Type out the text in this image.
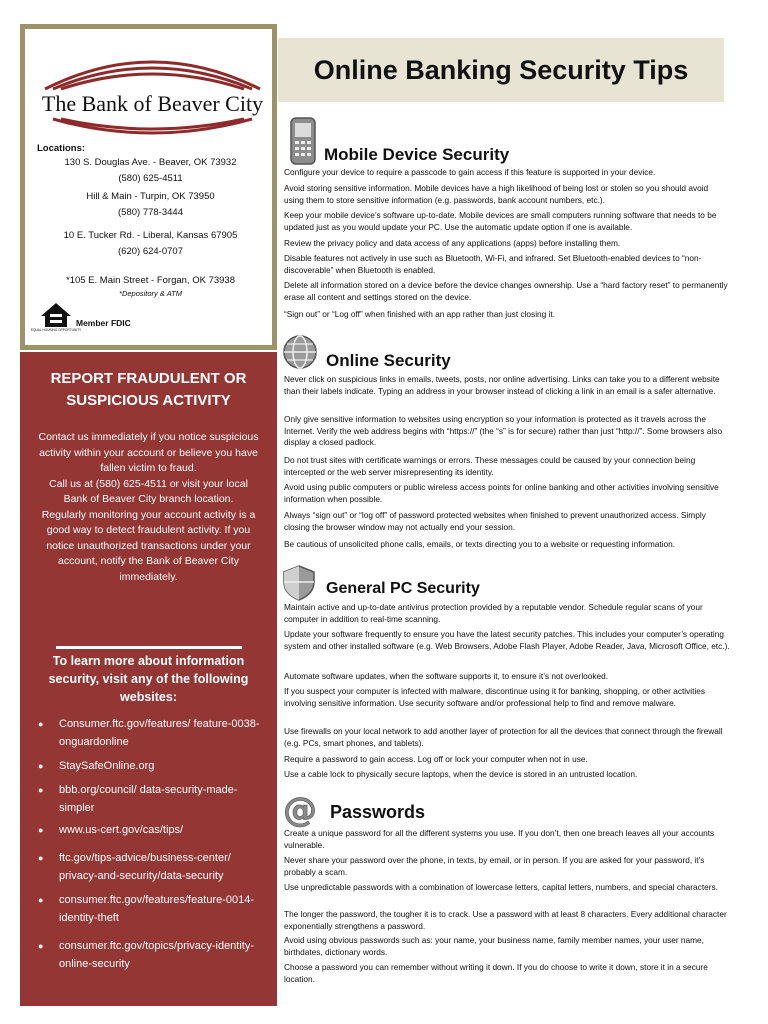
The Bank of Beaver City
Locations:
130 S. Douglas Ave. - Beaver, OK 73932
(580) 625-4511
Hill & Main - Turpin, OK 73950
(580) 778-3444
10 E. Tucker Rd. - Liberal, Kansas 67905
(620) 624-0707
*105 E. Main Street - Forgan, OK 73938
*Depository & ATM
EQUAL HOUSING OPPORTUNITY
Member FDIC
Online Banking Security Tips
REPORT FRAUDULENT OR SUSPICIOUS ACTIVITY

Contact us immediately if you notice suspicious activity within your account or believe you have fallen victim to fraud.

Call us at (580) 625-4511 or visit your local Bank of Beaver City branch location.

Regularly monitoring your account activity is a good way to detect fraudulent activity. If you notice unauthorized transactions under your account, notify the Bank of Beaver City immediately.

To learn more about information security, visit any of the following websites:
● Consumer.ftc.gov/features/ feature-0038-onguardonline
● StaySafeOnline.org
● bbb.org/council/ data-security-made-simpler
● www.us-cert.gov/cas/tips/
● ftc.gov/tips-advice/business-center/ privacy-and-security/data-security
● consumer.ftc.gov/features/feature-0014-identity-theft
● consumer.ftc.gov/topics/privacy-identity-online-security
Mobile Device Security
Configure your device to require a passcode to gain access if this feature is supported in your device.
Avoid storing sensitive information. Mobile devices have a high likelihood of being lost or stolen so you should avoid using them to store sensitive information (e.g. passwords, bank account numbers, etc.).
Keep your mobile device’s software up-to-date. Mobile devices are small computers running software that needs to be updated just as you would update your PC. Use the automatic update option if one is available.
Review the privacy policy and data access of any applications (apps) before installing them.
Disable features not actively in use such as Bluetooth, Wi-Fi, and infrared. Set Bluetooth-enabled devices to “non-discoverable” when Bluetooth is enabled.
Delete all information stored on a device before the device changes ownership. Use a “hard factory reset” to permanently erase all content and settings stored on the device.
“Sign out” or “Log off” when finished with an app rather than just closing it.
Online Security
Never click on suspicious links in emails, tweets, posts, nor online advertising. Links can take you to a different website than their labels indicate. Typing an address in your browser instead of clicking a link in an email is a safer alternative.
Only give sensitive information to websites using encryption so your information is protected as it travels across the Internet. Verify the web address begins with “https://” (the “s” is for secure) rather than just “http://”. Some browsers also display a closed padlock.
Do not trust sites with certificate warnings or errors. These messages could be caused by your connection being intercepted or the web server misrepresenting its identity.
Avoid using public computers or public wireless access points for online banking and other activities involving sensitive information when possible.
Always “sign out” or “log off” of password protected websites when finished to prevent unauthorized access. Simply closing the browser window may not actually end your session.
Be cautious of unsolicited phone calls, emails, or texts directing you to a website or requesting information.
General PC Security
Maintain active and up-to-date antivirus protection provided by a reputable vendor. Schedule regular scans of your computer in addition to real-time scanning.
Update your software frequently to ensure you have the latest security patches. This includes your computer’s operating system and other installed software (e.g. Web Browsers, Adobe Flash Player, Adobe Reader, Java, Microsoft Office, etc.).
Automate software updates, when the software supports it, to ensure it’s not overlooked.
If you suspect your computer is infected with malware, discontinue using it for banking, shopping, or other activities involving sensitive information. Use security software and/or professional help to find and remove malware.
Use firewalls on your local network to add another layer of protection for all the devices that connect through the firewall (e.g. PCs, smart phones, and tablets).
Require a password to gain access. Log off or lock your computer when not in use.
Use a cable lock to physically secure laptops, when the device is stored in an untrusted location.
@ Passwords
Create a unique password for all the different systems you use. If you don’t, then one breach leaves all your accounts vulnerable.
Never share your password over the phone, in texts, by email, or in person. If you are asked for your password, it’s probably a scam.
Use unpredictable passwords with a combination of lowercase letters, capital letters, numbers, and special characters.
The longer the password, the tougher it is to crack. Use a password with at least 8 characters. Every additional character exponentially strengthens a password.
Avoid using obvious passwords such as: your name, your business name, family member names, your user name, birthdates, dictionary words.
Choose a password you can remember without writing it down. If you do choose to write it down, store it in a secure location.
